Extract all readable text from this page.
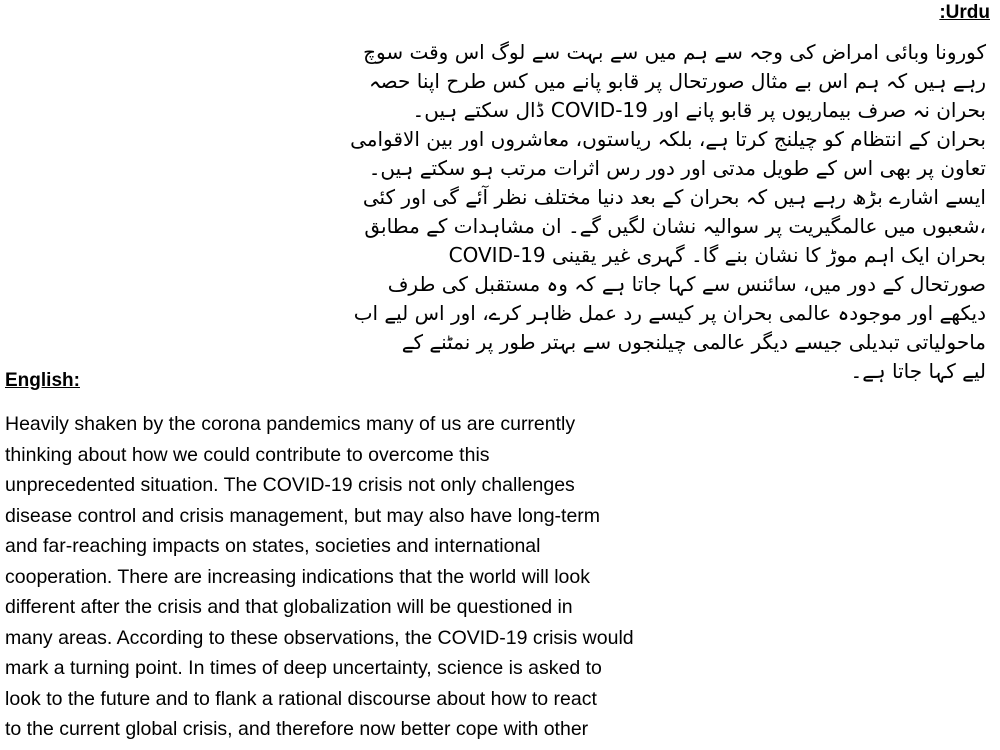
:Urdu
کورونا وبائی امراض کی وجہ سے ہم میں سے بہت سے لوگ اس وقت سوچ
رہے ہیں کہ ہم اس بے مثال صورتحال پر قابو پانے میں کس طرح اپنا حصہ
بحران نہ صرف بیماریوں پر قابو پانے اور COVID-19 ڈال سکتے ہیں۔
بحران کے انتظام کو چیلنج کرتا ہے، بلکہ ریاستوں، معاشروں اور بین الاقوامی
تعاون پر بھی اس کے طویل مدتی اور دور رس اثرات مرتب ہو سکتے ہیں۔
ایسے اشارے بڑھ رہے ہیں کہ بحران کے بعد دنیا مختلف نظر آئے گی اور کئی
،شعبوں میں عالمگیریت پر سوالیہ نشان لگیں گے۔ ان مشاہدات کے مطابق
بحران ایک اہم موڑ کا نشان بنے گا۔ گہری غیر یقینی COVID-19
صورتحال کے دور میں، سائنس سے کہا جاتا ہے کہ وہ مستقبل کی طرف
دیکھے اور موجودہ عالمی بحران پر کیسے رد عمل ظاہر کرے، اور اس لیے اب
ماحولیاتی تبدیلی جیسے دیگر عالمی چیلنجوں سے بہتر طور پر نمٹنے کے
لیے کہا جاتا ہے۔
English:
Heavily shaken by the corona pandemics many of us are currently
thinking about how we could contribute to overcome this
unprecedented situation. The COVID-19 crisis not only challenges
disease control and crisis management, but may also have long-term
and far-reaching impacts on states, societies and international
cooperation. There are increasing indications that the world will look
different after the crisis and that globalization will be questioned in
many areas. According to these observations, the COVID-19 crisis would
mark a turning point. In times of deep uncertainty, science is asked to
look to the future and to flank a rational discourse about how to react
to the current global crisis, and therefore now better cope with other
